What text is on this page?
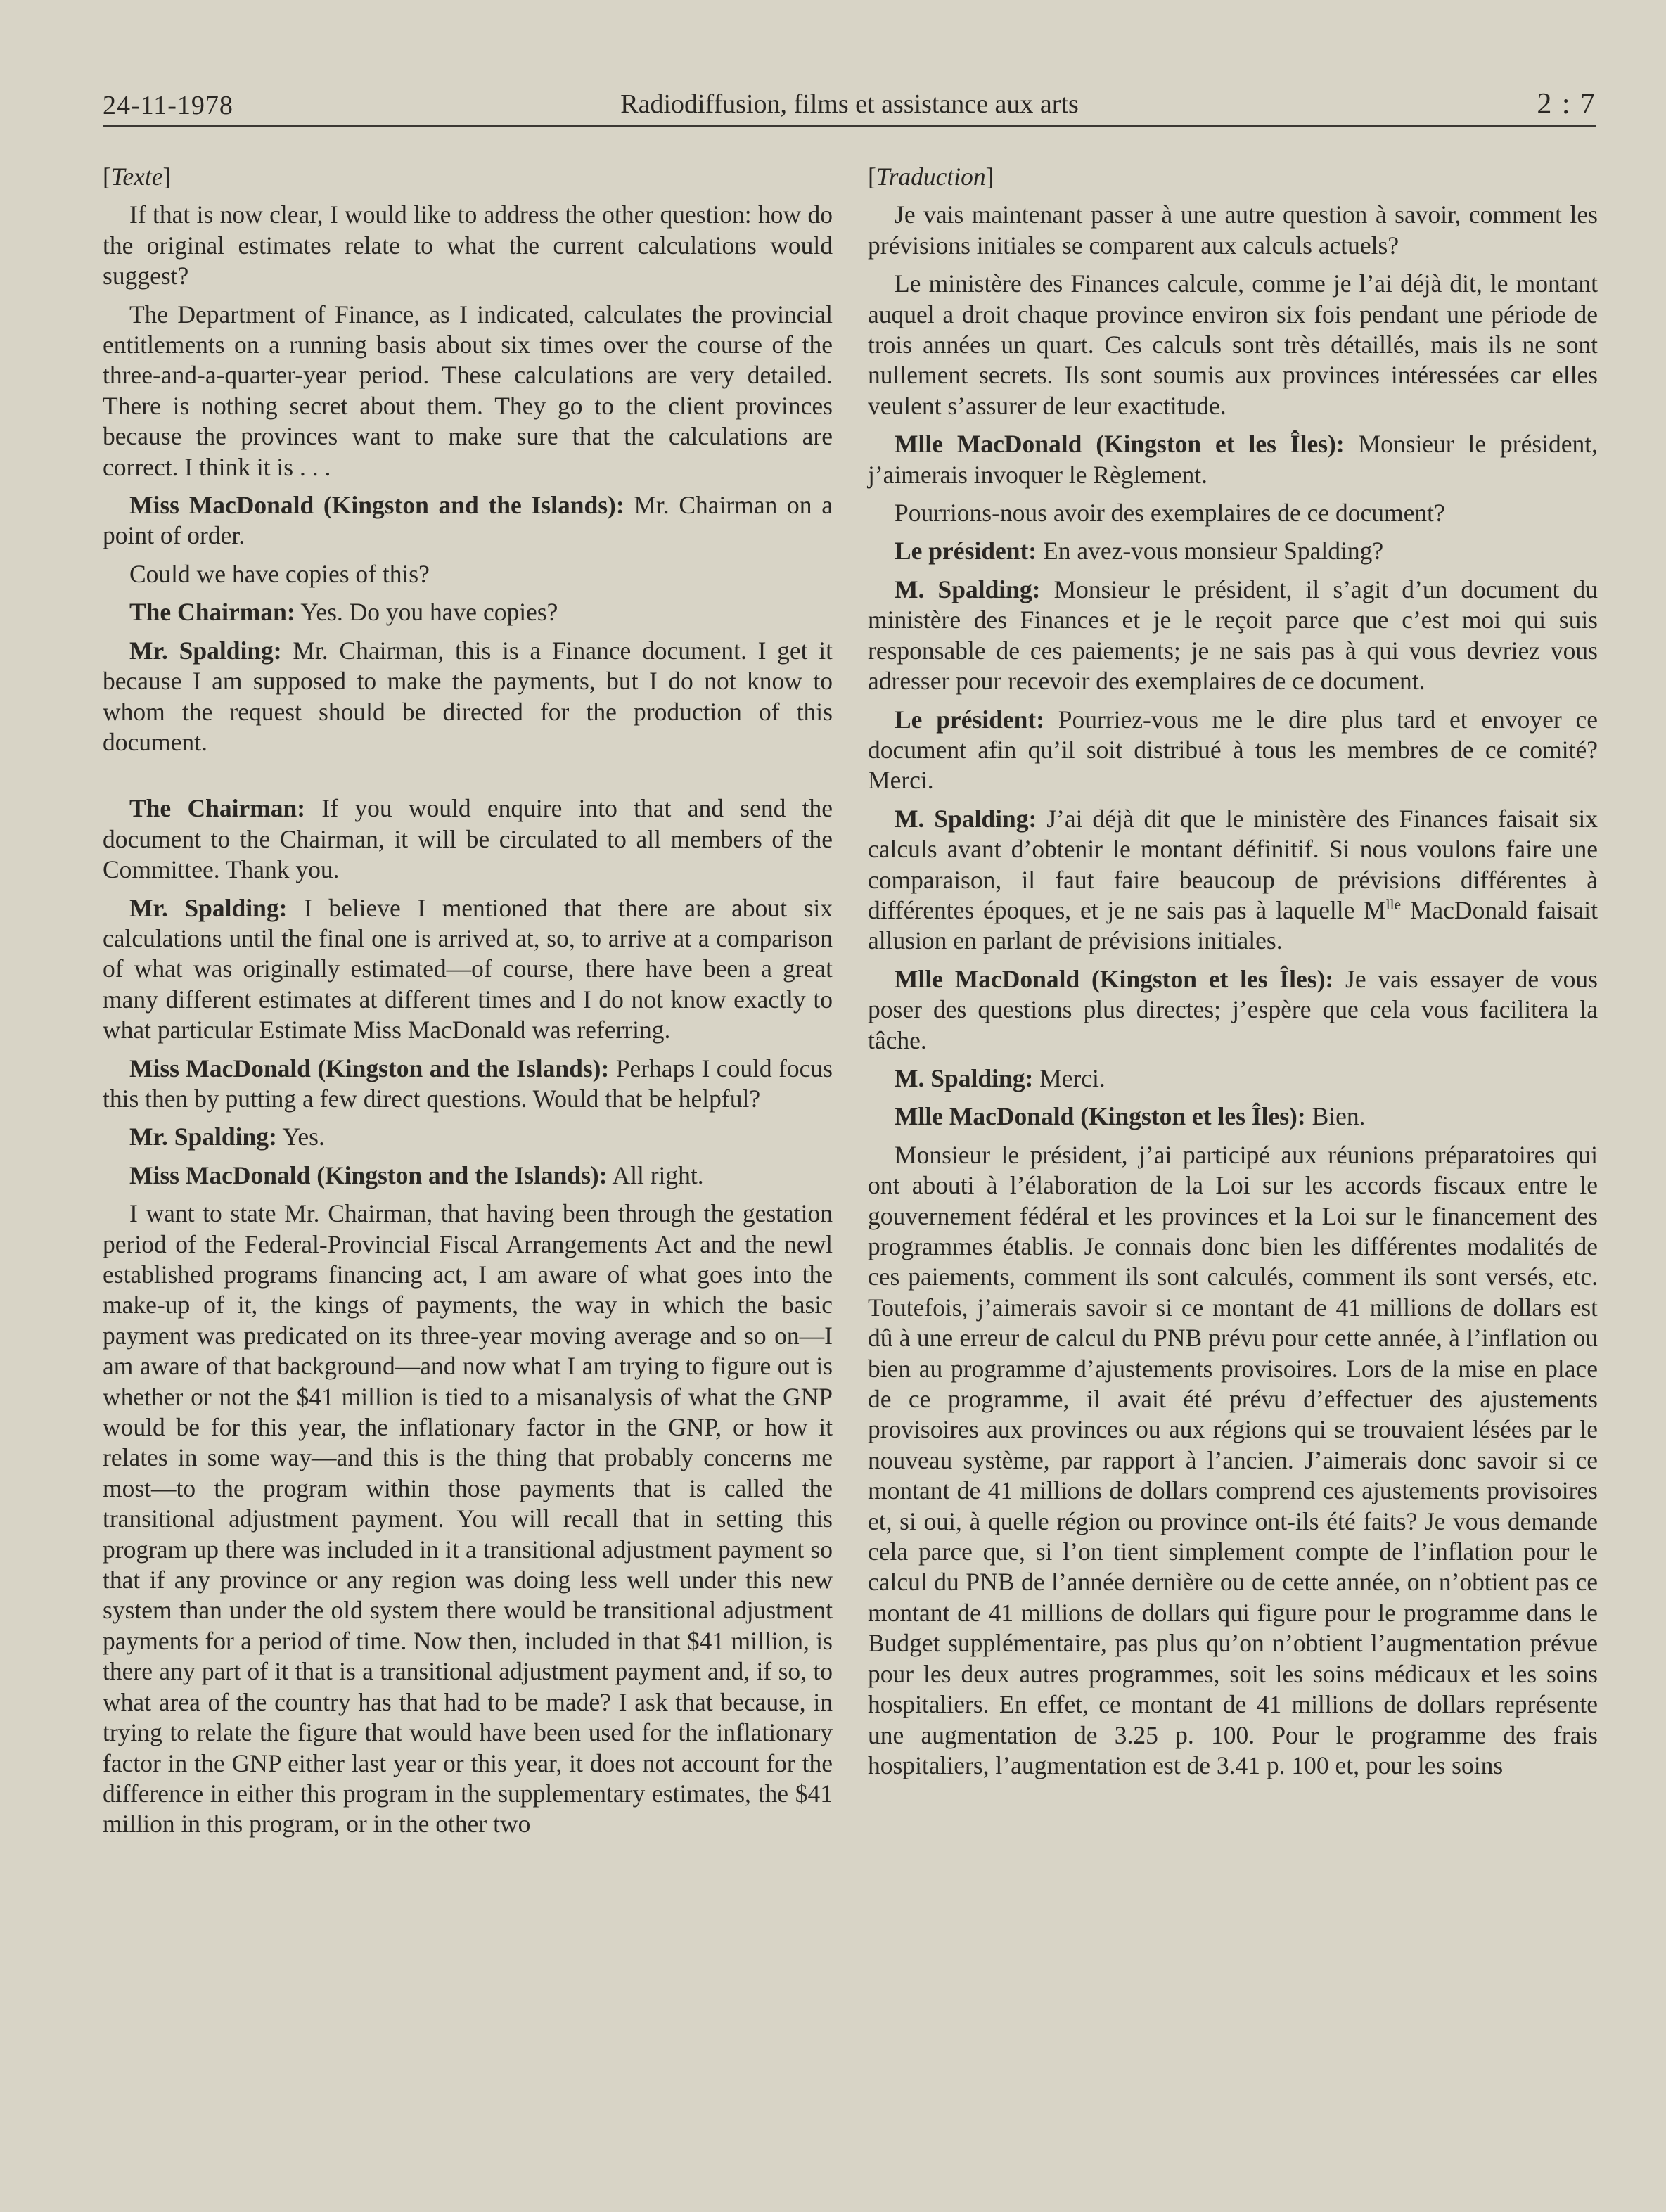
24-11-1978	Radiodiffusion, films et assistance aux arts	2 : 7

[Texte]

If that is now clear, I would like to address the other question: how do the original estimates relate to what the current calculations would suggest?

The Department of Finance, as I indicated, calculates the provincial entitlements on a running basis about six times over the course of the three-and-a-quarter-year period. These calculations are very detailed. There is nothing secret about them. They go to the client provinces because the provinces want to make sure that the calculations are correct. I think it is . . .

Miss MacDonald (Kingston and the Islands): Mr. Chairman on a point of order.

Could we have copies of this?

The Chairman: Yes. Do you have copies?

Mr. Spalding: Mr. Chairman, this is a Finance document. I get it because I am supposed to make the payments, but I do not know to whom the request should be directed for the production of this document.

The Chairman: If you would enquire into that and send the document to the Chairman, it will be circulated to all members of the Committee. Thank you.

Mr. Spalding: I believe I mentioned that there are about six calculations until the final one is arrived at, so, to arrive at a comparison of what was originally estimated—of course, there have been a great many different estimates at different times and I do not know exactly to what particular Estimate Miss MacDonald was referring.

Miss MacDonald (Kingston and the Islands): Perhaps I could focus this then by putting a few direct questions. Would that be helpful?

Mr. Spalding: Yes.

Miss MacDonald (Kingston and the Islands): All right.

I want to state Mr. Chairman, that having been through the gestation period of the Federal-Provincial Fiscal Arrangements Act and the newl established programs financing act, I am aware of what goes into the make-up of it, the kings of payments, the way in which the basic payment was predicated on its three-year moving average and so on—I am aware of that background—and now what I am trying to figure out is whether or not the $41 million is tied to a misanalysis of what the GNP would be for this year, the inflationary factor in the GNP, or how it relates in some way—and this is the thing that probably concerns me most—to the program within those payments that is called the transitional adjustment payment. You will recall that in setting this program up there was included in it a transitional adjustment payment so that if any province or any region was doing less well under this new system than under the old system there would be transitional adjustment payments for a period of time. Now then, included in that $41 million, is there any part of it that is a transitional adjustment payment and, if so, to what area of the country has that had to be made? I ask that because, in trying to relate the figure that would have been used for the inflationary factor in the GNP either last year or this year, it does not account for the difference in either this program in the supplementary estimates, the $41 million in this program, or in the other two

[Traduction]

Je vais maintenant passer à une autre question à savoir, comment les prévisions initiales se comparent aux calculs actuels?

Le ministère des Finances calcule, comme je l’ai déjà dit, le montant auquel a droit chaque province environ six fois pendant une période de trois années un quart. Ces calculs sont très détaillés, mais ils ne sont nullement secrets. Ils sont soumis aux provinces intéressées car elles veulent s’assurer de leur exactitude.

Mlle MacDonald (Kingston et les Îles): Monsieur le président, j’aimerais invoquer le Règlement.

Pourrions-nous avoir des exemplaires de ce document?

Le président: En avez-vous monsieur Spalding?

M. Spalding: Monsieur le président, il s’agit d’un document du ministère des Finances et je le reçoit parce que c’est moi qui suis responsable de ces paiements; je ne sais pas à qui vous devriez vous adresser pour recevoir des exemplaires de ce document.

Le président: Pourriez-vous me le dire plus tard et envoyer ce document afin qu’il soit distribué à tous les membres de ce comité? Merci.

M. Spalding: J’ai déjà dit que le ministère des Finances faisait six calculs avant d’obtenir le montant définitif. Si nous voulons faire une comparaison, il faut faire beaucoup de prévisions différentes à différentes époques, et je ne sais pas à laquelle $M^{lle}$ MacDonald faisait allusion en parlant de prévisions initiales.

Mlle MacDonald (Kingston et les Îles): Je vais essayer de vous poser des questions plus directes; j’espère que cela vous facilitera la tâche.

M. Spalding: Merci.

Mlle MacDonald (Kingston et les Îles): Bien.

Monsieur le président, j’ai participé aux réunions préparatoires qui ont abouti à l’élaboration de la Loi sur les accords fiscaux entre le gouvernement fédéral et les provinces et la Loi sur le financement des programmes établis. Je connais donc bien les différentes modalités de ces paiements, comment ils sont calculés, comment ils sont versés, etc. Toutefois, j’aimerais savoir si ce montant de 41 millions de dollars est dû à une erreur de calcul du PNB prévu pour cette année, à l’inflation ou bien au programme d’ajustements provisoires. Lors de la mise en place de ce programme, il avait été prévu d’effectuer des ajustements provisoires aux provinces ou aux régions qui se trouvaient lésées par le nouveau système, par rapport à l’ancien. J’aimerais donc savoir si ce montant de 41 millions de dollars comprend ces ajustements provisoires et, si oui, à quelle région ou province ont-ils été faits? Je vous demande cela parce que, si l’on tient simplement compte de l’inflation pour le calcul du PNB de l’année dernière ou de cette année, on n’obtient pas ce montant de 41 millions de dollars qui figure pour le programme dans le Budget supplémentaire, pas plus qu’on n’obtient l’augmentation prévue pour les deux autres programmes, soit les soins médicaux et les soins hospitaliers. En effet, ce montant de 41 millions de dollars représente une augmentation de 3.25 p. 100. Pour le programme des frais hospitaliers, l’augmentation est de 3.41 p. 100 et, pour les soins
